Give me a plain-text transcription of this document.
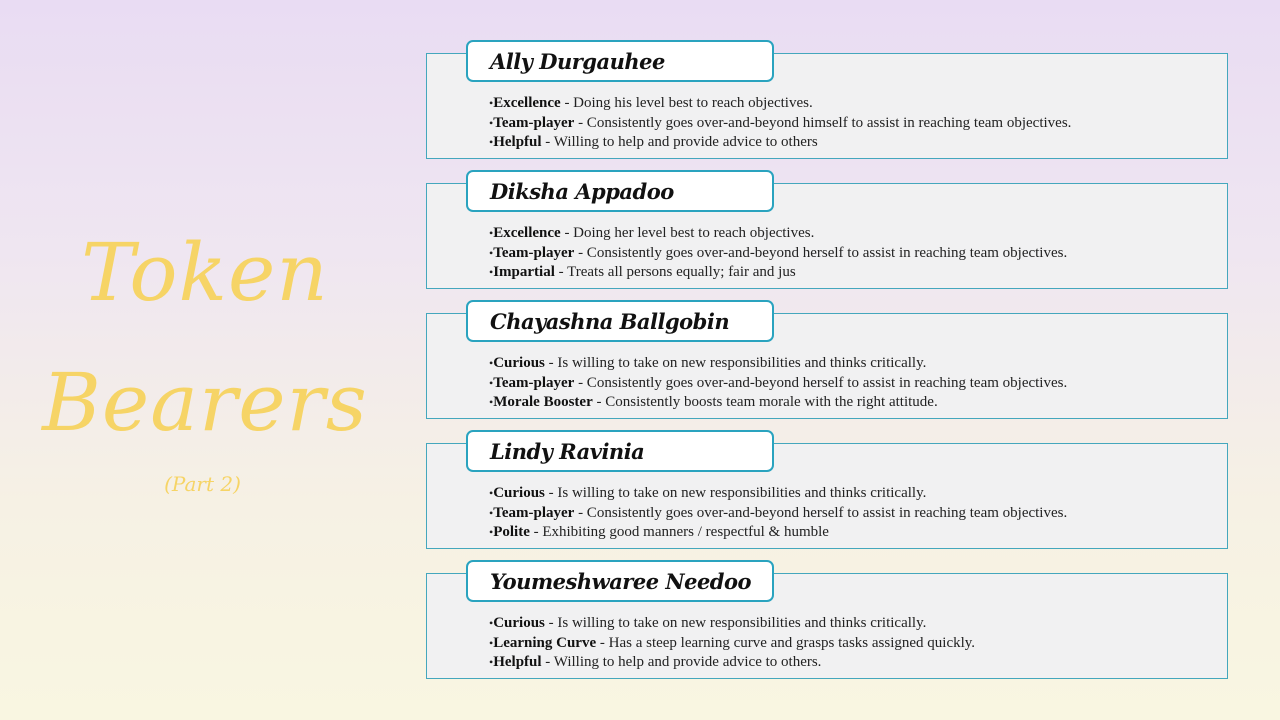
Token
Bearers
(Part 2)
•Excellence - Doing his level best to reach objectives.
•Team-player - Consistently goes over-and-beyond himself to assist in reaching team objectives.
•Helpful - Willing to help and provide advice to others
Ally Durgauhee
•Excellence - Doing her level best to reach objectives.
•Team-player - Consistently goes over-and-beyond herself to assist in reaching team objectives.
•Impartial - Treats all persons equally; fair and jus
Diksha Appadoo
•Curious - Is willing to take on new responsibilities and thinks critically.
•Team-player - Consistently goes over-and-beyond herself to assist in reaching team objectives.
•Morale Booster - Consistently boosts team morale with the right attitude.
Chayashna Ballgobin
•Curious - Is willing to take on new responsibilities and thinks critically.
•Team-player - Consistently goes over-and-beyond herself to assist in reaching team objectives.
•Polite - Exhibiting good manners / respectful & humble
Lindy Ravinia
•Curious - Is willing to take on new responsibilities and thinks critically.
•Learning Curve - Has a steep learning curve and grasps tasks assigned quickly.
•Helpful - Willing to help and provide advice to others.
Youmeshwaree Needoo
